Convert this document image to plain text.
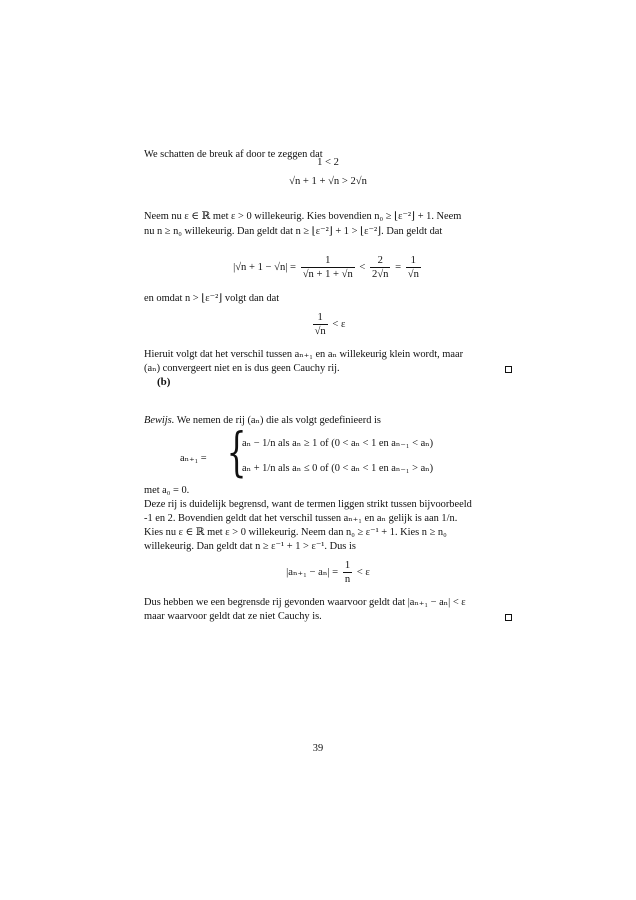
We schatten de breuk af door te zeggen dat
1 < 2
√n + 1 + √n > 2√n
Neem nu ε ∈ ℝ met ε > 0 willekeurig. Kies bovendien n₀ ≥ ⌊ε⁻²⌋ + 1. Neem
nu n ≥ n₀ willekeurig. Dan geldt dat n ≥ ⌊ε⁻²⌋ + 1 > ⌊ε⁻²⌋. Dan geldt dat
$|√n + 1 - √n| = \frac{1}{√n + 1 + √n} < \frac{2}{2√n} = \frac{1}{√n}$
en omdat n > ⌊ε⁻²⌋ volgt dan dat
$\frac{1}{√n} < \varepsilon$
Hieruit volgt dat het verschil tussen aₙ₊₁ en aₙ willekeurig klein wordt, maar
(aₙ) convergeert niet en is dus geen Cauchy rij.
(b)
Bewijs. We nemen de rij (aₙ) die als volgt gedefinieerd is
aₙ₊₁ = {
aₙ − 1/n als aₙ ≥ 1 of (0 < aₙ < 1 en aₙ₋₁ < aₙ)
aₙ + 1/n als aₙ ≤ 0 of (0 < aₙ < 1 en aₙ₋₁ > aₙ)
met a₀ = 0.
Deze rij is duidelijk begrensd, want de termen liggen strikt tussen bijvoorbeeld
-1 en 2. Bovendien geldt dat het verschil tussen aₙ₊₁ en aₙ gelijk is aan 1/n.
Kies nu ε ∈ ℝ met ε > 0 willekeurig. Neem dan n₀ ≥ ε⁻¹ + 1. Kies n ≥ n₀
willekeurig. Dan geldt dat n ≥ ε⁻¹ + 1 > ε⁻¹. Dus is
$|a_{n+1} - a_n| = \frac{1}{n} < \varepsilon$
Dus hebben we een begrensde rij gevonden waarvoor geldt dat |aₙ₊₁ − aₙ| < ε
maar waarvoor geldt dat ze niet Cauchy is.
39
